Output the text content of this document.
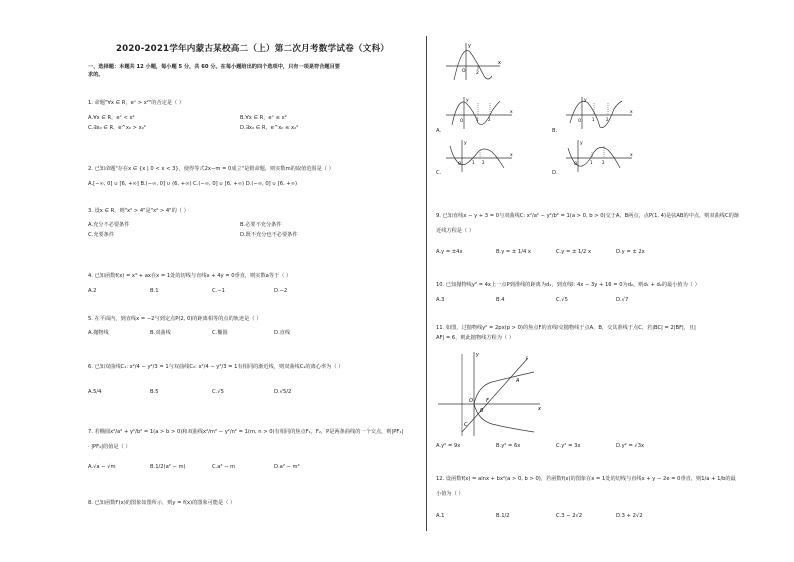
2020-2021学年内蒙古某校高二（上）第二次月考数学试卷（文科）
一、选择题：本题共 12 小题，每小题 5 分，共 60 分。在每小题给出的四个选项中，只有一项是符合题目要
求的。
1. 命题"∀x ∈ R，eˣ > x²"的否定是（ ）
A.∀x ∈ R，eˣ < x²	B.∀x ∈ R，eˣ ≤ x²
C.∃x₀ ∈ R，e^x₀ > x₀²	D.∃x₀ ∈ R，e^x₀ ≤ x₀²
2. 已知命题"存在x ∈ {x | 0 < x < 3}，使得等式2x−m = 0成立"是假命题，则实数m的取值范围是（ ）
A.[−∞, 0] ∪ [6, +∞] B.(−∞, 0] ∪ (6, +∞) C.(−∞, 0] ∪ [6, +∞) D.(−∞, 0] ∪ [6, +∞)
3. 设x ∈ R，则"x² > 4"是"x² > 4"的（ ）
A.充分不必要条件	B.必要不充分条件
C.充要条件	D.既不充分也不必要条件
4. 已知函数f(x) = x³ + ax在x = 1处的切线与直线x + 4y = 0垂直，则实数a等于（ ）
A.2	B.1	C.−1	D.−2
5. 在平面内，到直线x = −2与到定点P(2, 0)的距离相等的点的轨迹是（ ）
A.抛物线	B.双曲线	C.椭圆	D.直线
6. 已知双曲线C₁: x²/4 − y²/3 = 1与双曲线C₂: x²/4 − y²/3 = 1有相同的渐近线，则双曲线C₁的离心率为（ ）
A.5/4	B.5	C.√5	D.√5/2
7. 若椭圆x²/a² + y²/b² = 1(a > b > 0)和双曲线x²/m² − y²/n² = 1(m, n > 0)有相同的焦点F₁，F₂，P是两条曲线的一个交点，则|PF₁|
· |PF₂|的值是（ ）
A.√a − √m	B.1/2(a² − m)	C.a² − m	D.a² − m²
8. 已知函数f'(x)的图象如图所示，则y = f(x)的图象可能是（ ）
y
x
O 2
y
x
O	1 2
A.
y
x
O	1	2
B.
y
x
O	1 2
C.
y
x
O	1 2
D.
9. 已知直线x − y + 3 = 0与双曲线C: x²/a² − y²/b² = 1(a > 0, b > 0)交于A，B两点，点P(1, 4)是弦AB的中点，则双曲线C的渐
近线方程是（ ）
A.y = ±4x	B.y = ± 1/4 x	C.y = ± 1/2 x	D.y = ± 2x
10. 已知抛物线y² = 4x上一点P到准线的距离为d₁，到直线l: 4x − 3y + 16 = 0为d₂，则d₁ + d₂的最小值为（ ）
A.3	B.4	C.√5	D.√7
11. 如图，过抛物线y² = 2px(p > 0)的焦点F的直线l交抛物线于点A，B，交其准线于点C，若|BC| = 2|BF|，且|
AF| = 6，则此抛物线方程为（ ）
y
x
l
A
O	F
B
C
A.y² = 9x	B.y² = 6x	C.y² = 3x	D.y² = √3x
12. 设函数f(x) = alnx + bx²(a > 0, b > 0)，若函数f(x)的图象在x = 1处的切线与直线x + y − 2e = 0垂直，则1/a + 1/b的最
小值为（ ）
A.1	B.1/2	C.3 − 2√2	D.3 + 2√2
